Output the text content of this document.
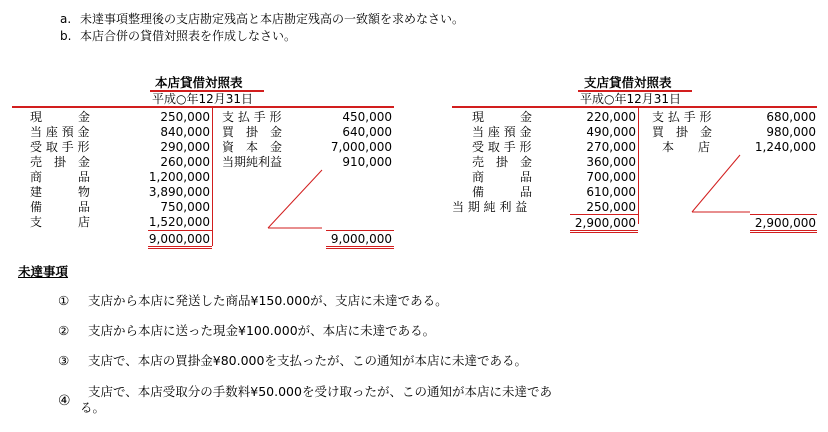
a. 未達事項整理後の支店勘定残高と本店勘定残高の一致額を求めなさい。
b. 本店合併の貸借対照表を作成しなさい。
本店貸借対照表
平成○年12月31日
現　　　金	250,000
当 座 預 金	840,000
受 取 手 形	290,000
売　掛　金	260,000
商　　　品	1,200,000
建　　　物	3,890,000
備　　　品	750,000
支　　　店	1,520,000
支 払 手 形	450,000
買　掛　金	640,000
資　本　金	7,000,000
当期純利益	910,000
9,000,000	9,000,000
支店貸借対照表
平成○年12月31日
現　　　金	220,000
当 座 預 金	490,000
受 取 手 形	270,000
売　掛　金	360,000
商　　　品	700,000
備　　　品	610,000
当 期 純 利 益	250,000
支 払 手 形	680,000
買　掛　金	980,000
本　　店	1,240,000
2,900,000	2,900,000
未達事項
① 支店から本店に発送した商品¥150.000が、支店に未達である。
② 支店から本店に送った現金¥100.000が、本店に未達である。
③ 支店で、本店の買掛金¥80.000を支払ったが、この通知が本店に未達である。
④
支店で、本店受取分の手数料¥50.000を受け取ったが、この通知が本店に未達であ
る。
